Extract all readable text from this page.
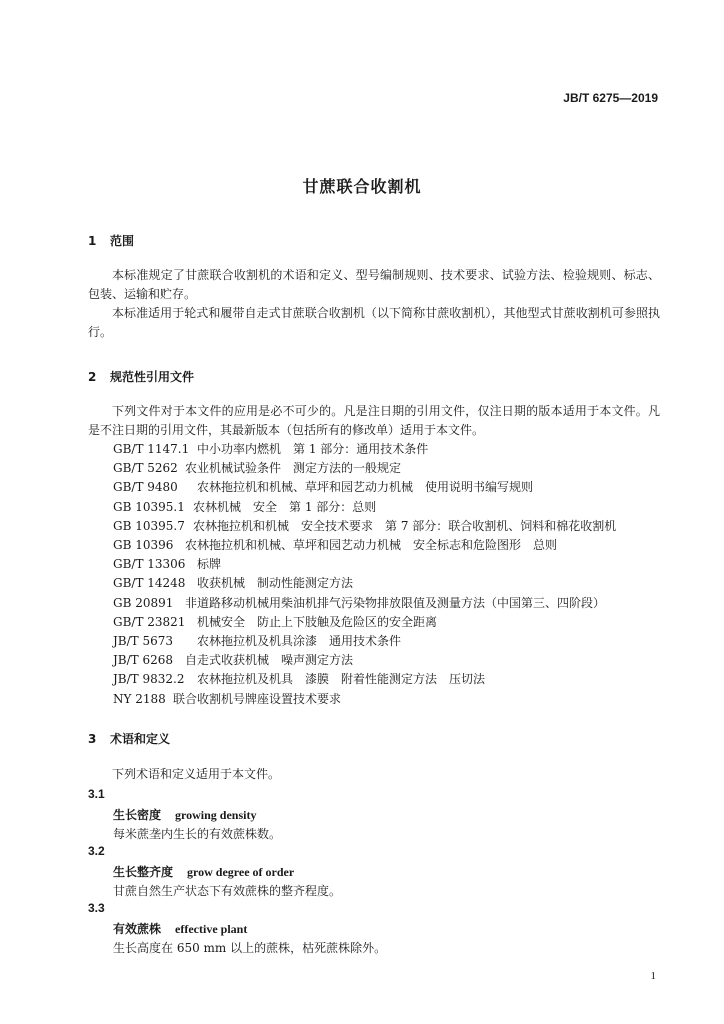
JB/T 6275—2019
甘蔗联合收割机
1 范围
本标准规定了甘蔗联合收割机的术语和定义、型号编制规则、技术要求、试验方法、检验规则、标志、包装、运输和贮存。
本标准适用于轮式和履带自走式甘蔗联合收割机（以下简称甘蔗收割机），其他型式甘蔗收割机可参照执行。
2 规范性引用文件
下列文件对于本文件的应用是必不可少的。凡是注日期的引用文件，仅注日期的版本适用于本文件。凡是不注日期的引用文件，其最新版本（包括所有的修改单）适用于本文件。
GB/T 1147.1 中小功率内燃机　第 1 部分：通用技术条件
GB/T 5262 农业机械试验条件　测定方法的一般规定
GB/T 9480 农林拖拉机和机械、草坪和园艺动力机械　使用说明书编写规则
GB 10395.1 农林机械　安全　第 1 部分：总则
GB 10395.7 农林拖拉机和机械　安全技术要求　第 7 部分：联合收割机、饲料和棉花收割机
GB 10396 农林拖拉机和机械、草坪和园艺动力机械　安全标志和危险图形　总则
GB/T 13306 标牌
GB/T 14248 收获机械　制动性能测定方法
GB 20891 非道路移动机械用柴油机排气污染物排放限值及测量方法（中国第三、四阶段）
GB/T 23821 机械安全　防止上下肢触及危险区的安全距离
JB/T 5673 农林拖拉机及机具涂漆　通用技术条件
JB/T 6268 自走式收获机械　噪声测定方法
JB/T 9832.2 农林拖拉机及机具　漆膜　附着性能测定方法　压切法
NY 2188 联合收割机号牌座设置技术要求
3 术语和定义
下列术语和定义适用于本文件。
3.1
生长密度 growing density
每米蔗垄内生长的有效蔗株数。
3.2
生长整齐度 grow degree of order
甘蔗自然生产状态下有效蔗株的整齐程度。
3.3
有效蔗株 effective plant
生长高度在 650 mm 以上的蔗株，枯死蔗株除外。
1
